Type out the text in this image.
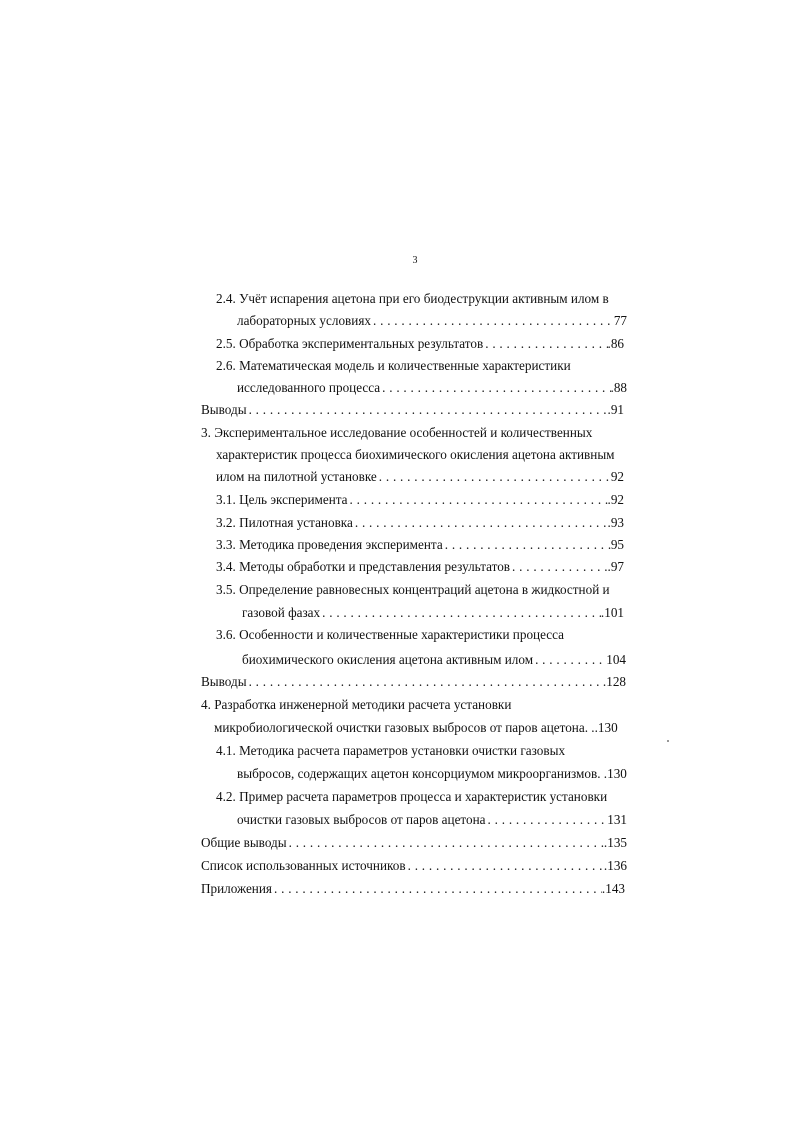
3
2.4. Учёт испарения ацетона при его биодеструкции активным илом в
лабораторных условиях . . .	77
2.5. Обработка экспериментальных результатов . . .	.86
2.6. Математическая модель и количественные характеристики
исследованного процесса . . .	.88
Выводы . . .	.91
3. Экспериментальное исследование особенностей и количественных
характеристик процесса биохимического окисления ацетона активным
илом на пилотной установке . . .	92
3.1. Цель эксперимента . . .	.92
3.2. Пилотная установка . . .	.93
3.3. Методика проведения эксперимента . . .	95
3.4. Методы обработки и представления результатов . . .	.97
3.5. Определение равновесных концентраций ацетона в жидкостной и
газовой фазах . . .	.101
3.6. Особенности и количественные характеристики процесса
биохимического окисления ацетона активным илом . . .	104
Выводы . . .	.128
4. Разработка инженерной методики расчета установки
микробиологической очистки газовых выбросов от паров ацетона. . .130
4.1. Методика расчета параметров установки очистки газовых
выбросов, содержащих ацетон консорциумом микроорганизмов. . 130
4.2. Пример расчета параметров процесса и характеристик установки
очистки газовых выбросов от паров ацетона . . .	131
Общие выводы . . .	.135
Список использованных источников . . .	.136
Приложения . . .	.143
